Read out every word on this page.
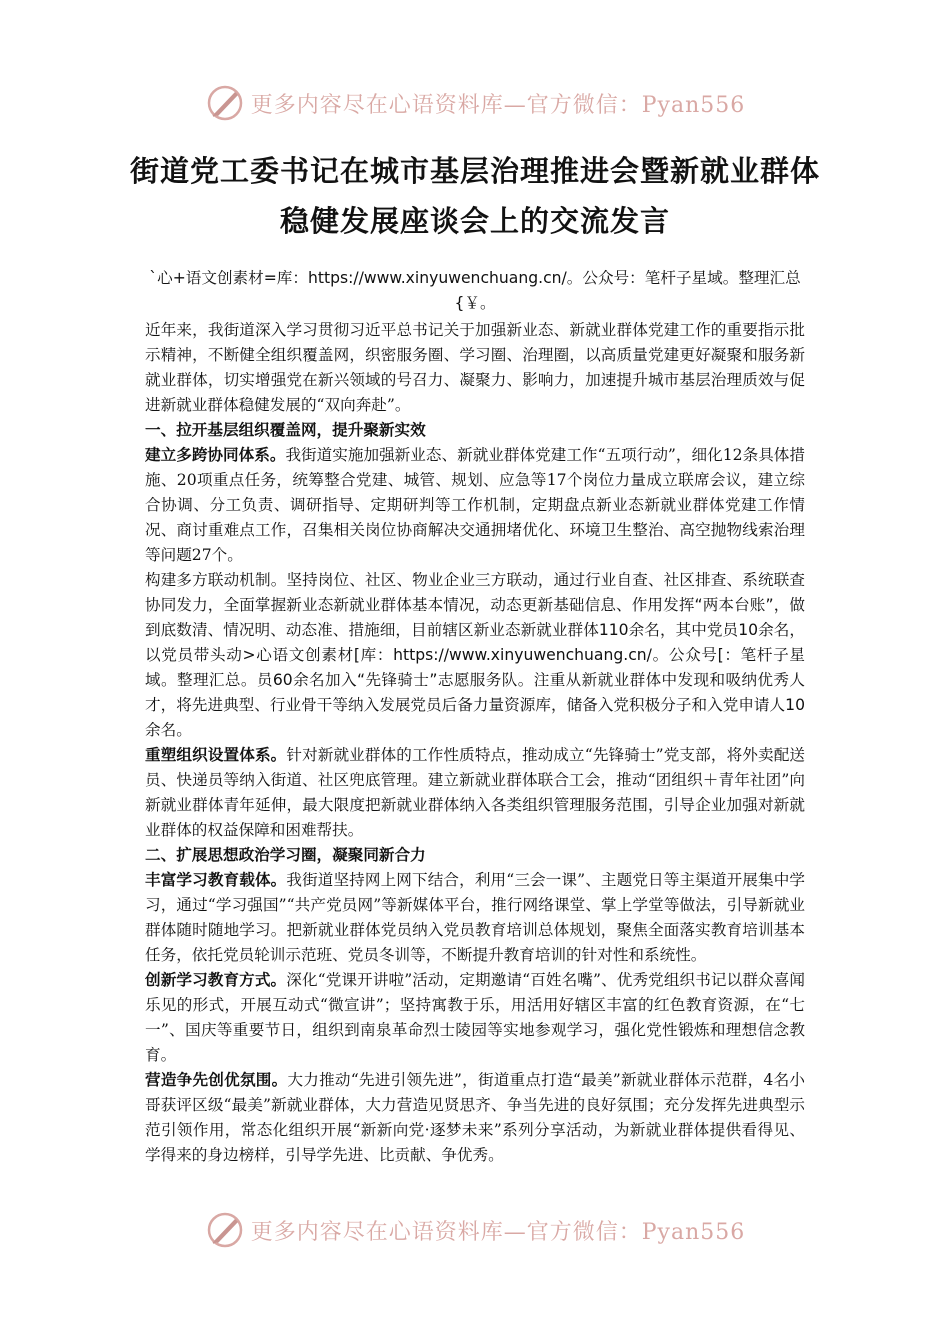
更多内容尽在心语资料库—官方微信：Pyan556
街道党工委书记在城市基层治理推进会暨新就业群体
稳健发展座谈会上的交流发言
`心+语文创素材=库：https://www.xinyuwenchuang.cn/。公众号：笔杆子星域。整理汇总{￥。

近年来，我街道深入学习贯彻习近平总书记关于加强新业态、新就业群体党建工作的重要指示批示精神，不断健全组织覆盖网，织密服务圈、学习圈、治理圈，以高质量党建更好凝聚和服务新就业群体，切实增强党在新兴领域的号召力、凝聚力、影响力，加速提升城市基层治理质效与促进新就业群体稳健发展的“双向奔赴”。

一、拉开基层组织覆盖网，提升聚新实效

建立多跨协同体系。我街道实施加强新业态、新就业群体党建工作“五项行动”，细化12条具体措施、20项重点任务，统筹整合党建、城管、规划、应急等17个岗位力量成立联席会议，建立综合协调、分工负责、调研指导、定期研判等工作机制，定期盘点新业态新就业群体党建工作情况、商讨重难点工作，召集相关岗位协商解决交通拥堵优化、环境卫生整治、高空抛物线索治理等问题27个。

构建多方联动机制。坚持岗位、社区、物业企业三方联动，通过行业自查、社区排查、系统联查协同发力，全面掌握新业态新就业群体基本情况，动态更新基础信息、作用发挥“两本台账”，做到底数清、情况明、动态准、措施细，目前辖区新业态新就业群体110余名，其中党员10余名，以党员带头动>心语文创素材[库：https://www.xinyuwenchuang.cn/。公众号[：笔杆子星域。整理汇总。员60余名加入“先锋骑士”志愿服务队。注重从新就业群体中发现和吸纳优秀人才，将先进典型、行业骨干等纳入发展党员后备力量资源库，储备入党积极分子和入党申请人10余名。

重塑组织设置体系。针对新就业群体的工作性质特点，推动成立“先锋骑士”党支部，将外卖配送员、快递员等纳入街道、社区兜底管理。建立新就业群体联合工会，推动“团组织＋青年社团”向新就业群体青年延伸，最大限度把新就业群体纳入各类组织管理服务范围，引导企业加强对新就业群体的权益保障和困难帮扶。

二、扩展思想政治学习圈，凝聚同新合力

丰富学习教育载体。我街道坚持网上网下结合，利用“三会一课”、主题党日等主渠道开展集中学习，通过“学习强国”“共产党员网”等新媒体平台，推行网络课堂、掌上学堂等做法，引导新就业群体随时随地学习。把新就业群体党员纳入党员教育培训总体规划，聚焦全面落实教育培训基本任务，依托党员轮训示范班、党员冬训等，不断提升教育培训的针对性和系统性。

创新学习教育方式。深化“党课开讲啦”活动，定期邀请“百姓名嘴”、优秀党组织书记以群众喜闻乐见的形式，开展互动式“微宣讲”；坚持寓教于乐，用活用好辖区丰富的红色教育资源，在“七一”、国庆等重要节日，组织到南泉革命烈士陵园等实地参观学习，强化党性锻炼和理想信念教育。

营造争先创优氛围。大力推动“先进引领先进”，街道重点打造“最美”新就业群体示范群，4名小哥获评区级“最美”新就业群体，大力营造见贤思齐、争当先进的良好氛围；充分发挥先进典型示范引领作用，常态化组织开展“新新向党·逐梦未来”系列分享活动，为新就业群体提供看得见、学得来的身边榜样，引导学先进、比贡献、争优秀。

更多内容尽在心语资料库—官方微信：Pyan556
